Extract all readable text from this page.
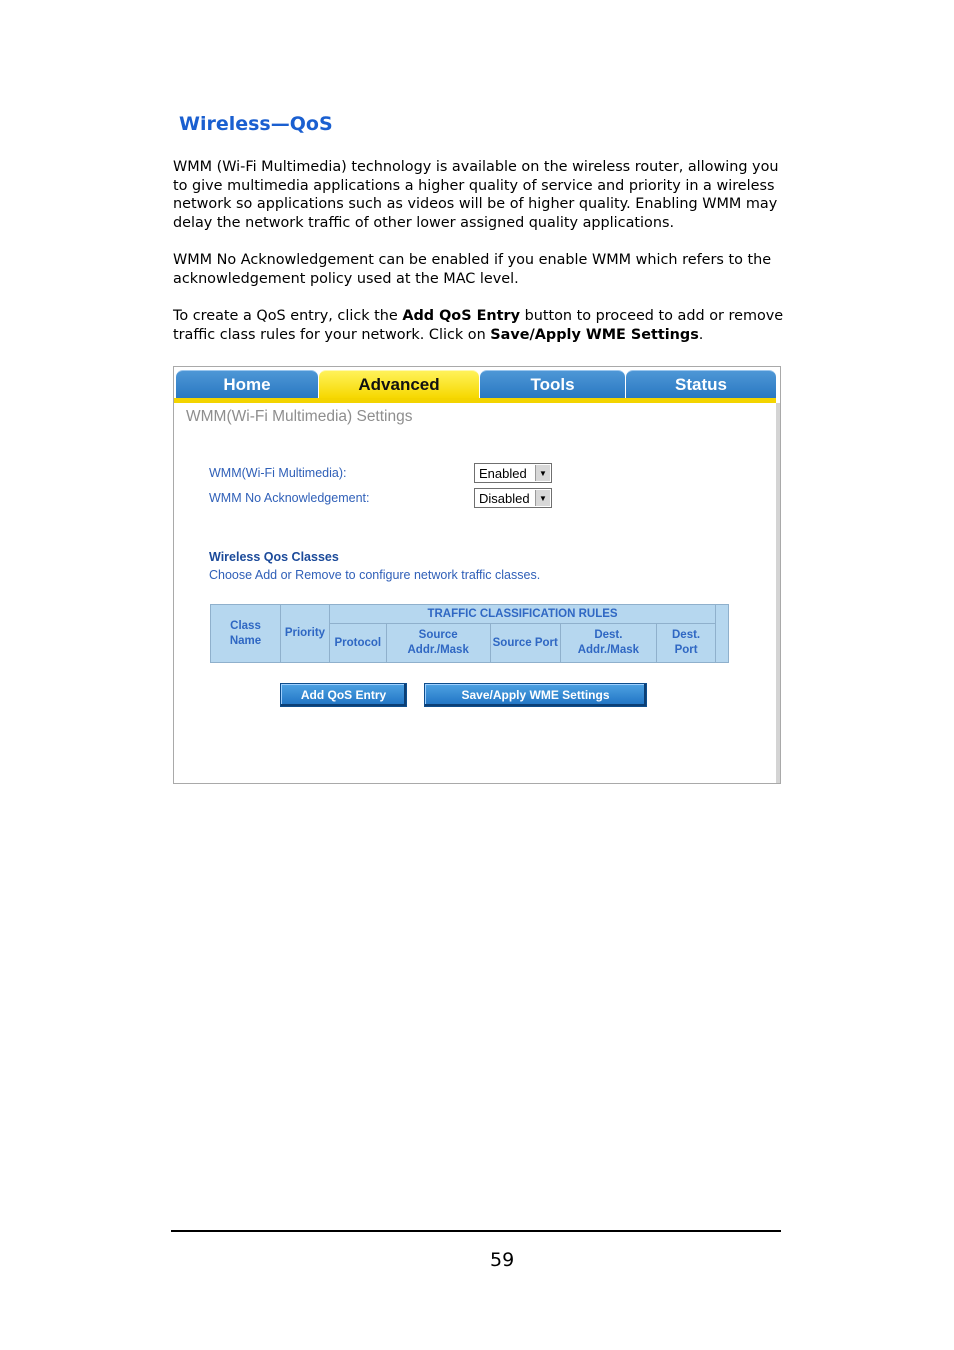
Wireless—QoS

WMM (Wi-Fi Multimedia) technology is available on the wireless router, allowing you to give multimedia applications a higher quality of service and priority in a wireless network so applications such as videos will be of higher quality. Enabling WMM may delay the network traffic of other lower assigned quality applications.

WMM No Acknowledgement can be enabled if you enable WMM which refers to the acknowledgement policy used at the MAC level.

To create a QoS entry, click the Add QoS Entry button to proceed to add or remove traffic class rules for your network. Click on Save/Apply WME Settings.

Home	Advanced	Tools	Status
WMM(Wi-Fi Multimedia) Settings
WMM(Wi-Fi Multimedia):	Enabled	▼
WMM No Acknowledgement:	Disabled	▼
Wireless Qos Classes
Choose Add or Remove to configure network traffic classes.
Class Name	Priority	TRAFFIC CLASSIFICATION RULES					
		Protocol	Source Addr./Mask	Source Port	Dest. Addr./Mask	Dest. Port	
Add QoS Entry	Save/Apply WME Settings
59
